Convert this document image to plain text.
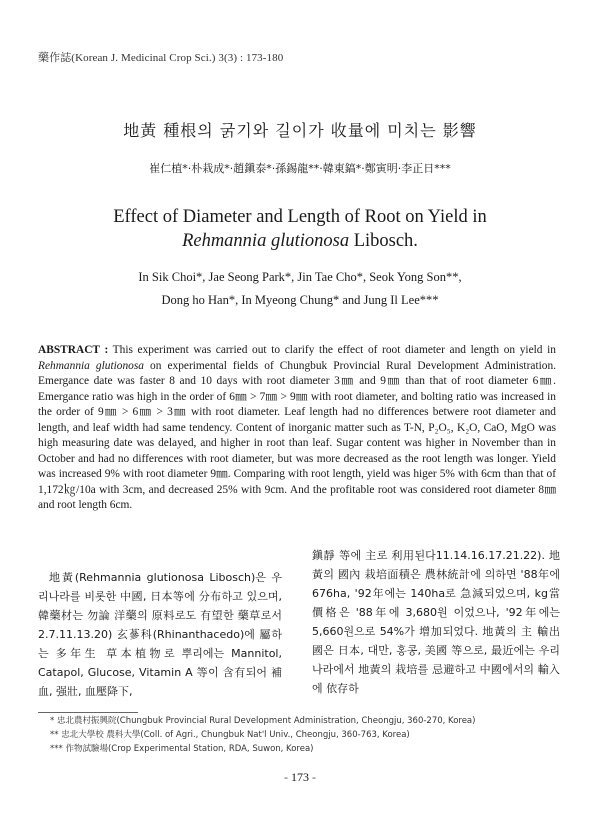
藥作誌(Korean J. Medicinal Crop Sci.) 3(3) : 173-180
地黃 種根의 굵기와 길이가 收量에 미치는 影響
崔仁植*·朴栽成*·趙鎭泰*·孫錫龍**·韓東鎬*·鄭寅明·李正日***
Effect of Diameter and Length of Root on Yield in
Rehmannia glutionosa Libosch.
In Sik Choi*, Jae Seong Park*, Jin Tae Cho*, Seok Yong Son**,
Dong ho Han*, In Myeong Chung* and Jung Il Lee***
ABSTRACT : This experiment was carried out to clarify the effect of root diameter and length on yield in Rehmannia glutionosa on experimental fields of Chungbuk Provincial Rural Development Administration. Emergance date was faster 8 and 10 days with root diameter 3㎜ and 9㎜ than that of root diameter 6㎜. Emergance ratio was high in the order of 6㎜ > 7㎜ > 9㎜ with root diameter, and bolting ratio was increased in the order of 9㎜ > 6㎜ > 3㎜ with root diameter. Leaf length had no differences betwere root diameter and length, and leaf width had same tendency. Content of inorganic matter such as T-N, P₂O₅, K₂O, CaO, MgO was high measuring date was delayed, and higher in root than leaf. Sugar content was higher in November than in October and had no differences with root diameter, but was more decreased as the root length was longer. Yield was increased 9% with root diameter 9㎜. Comparing with root length, yield was higer 5% with 6cm than that of 1,172㎏/10a with 3cm, and decreased 25% with 9cm. And the profitable root was considered root diameter 8㎜ and root length 6cm.
地黃(Rehmannia glutionosa Libosch)은 우리나라를 비롯한 中國, 日本等에 分布하고 있으며, 韓藥材는 勿論 洋藥의 原料로도 有望한 藥草로서2.7.11.13.20) 玄蔘科(Rhinanthacedo)에 屬하는 多年生 草本植物로 뿌리에는 Mannitol, Catapol, Glucose, Vitamin A 等이 含有되어 補血, 强壯, 血壓降下,
鎭靜 等에 主로 利用된다11.14.16.17.21.22). 地黃의 國內 栽培面積은 農林統計에 의하면 '88年에 676ha, '92年에는 140ha로 急減되었으며, kg當 價格은 '88年에 3,680원 이었으나, '92年에는 5,660원으로 54%가 增加되었다. 地黃의 主 輸出國은 日本, 대만, 홍콩, 美國 等으로, 最近에는 우리나라에서 地黃의 栽培를 忌避하고 中國에서의 輸入에 依存하
* 忠北農村振興院(Chungbuk Provincial Rural Development Administration, Cheongju, 360-270, Korea)
** 忠北大學校 農科大學(Coll. of Agri., Chungbuk Nat'l Univ., Cheongju, 360-763, Korea)
*** 作物試驗場(Crop Experimental Station, RDA, Suwon, Korea)
- 173 -
